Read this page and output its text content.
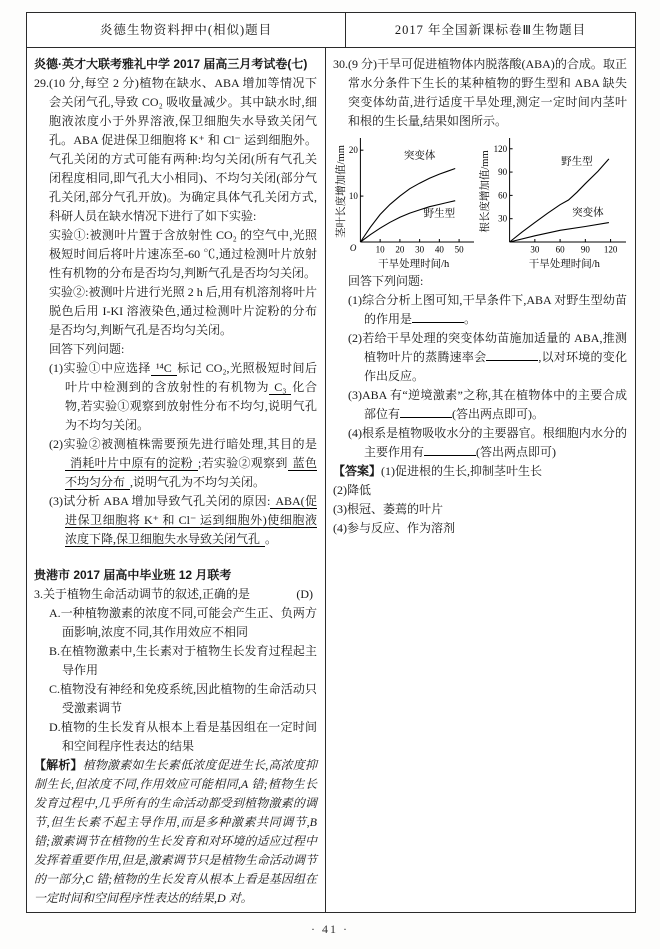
炎德生物资料押中(相似)题目	2017 年全国新课标卷Ⅲ生物题目

炎德·英才大联考雅礼中学 2017 届高三月考试卷(七)

29.(10 分,每空 2 分)植物在缺水、ABA 增加等情况下会关闭气孔,导致 CO₂ 吸收量减少。其中缺水时,细胞液浓度小于外界溶液,保卫细胞失水导致关闭气孔。ABA 促进保卫细胞将 K⁺ 和 Cl⁻ 运到细胞外。气孔关闭的方式可能有两种:均匀关闭(所有气孔关闭程度相同,即气孔大小相同)、不均匀关闭(部分气孔关闭,部分气孔开放)。为确定具体气孔关闭方式,科研人员在缺水情况下进行了如下实验:

实验①:被测叶片置于含放射性 CO₂ 的空气中,光照极短时间后将叶片速冻至-60 ℃,通过检测叶片放射性有机物的分布是否均匀,判断气孔是否均匀关闭。

实验②:被测叶片进行光照 2 h 后,用有机溶剂将叶片脱色后用 I-KI 溶液染色,通过检测叶片淀粉的分布是否均匀,判断气孔是否均匀关闭。

回答下列问题:

(1)实验①中应选择 ¹⁴C 标记 CO₂,光照极短时间后叶片中检测到的含放射性的有机物为 C₃ 化合物,若实验①观察到放射性分布不均匀,说明气孔为不均匀关闭。

(2)实验②被测植株需要预先进行暗处理,其目的是消耗叶片中原有的淀粉 ;若实验②观察到 蓝色不均匀分布 ,说明气孔为不均匀关闭。

(3)试分析 ABA 增加导致气孔关闭的原因: ABA(促进保卫细胞将 K⁺ 和 Cl⁻ 运到细胞外)使细胞液浓度下降,保卫细胞失水导致关闭气孔 。

贵港市 2017 届高中毕业班 12 月联考

3.关于植物生命活动调节的叙述,正确的是	(D)

A.一种植物激素的浓度不同,可能会产生正、负两方面影响,浓度不同,其作用效应不相同

B.在植物激素中,生长素对于植物生长发育过程起主导作用

C.植物没有神经和免疫系统,因此植物的生命活动只受激素调节

D.植物的生长发育从根本上看是基因组在一定时间和空间程序性表达的结果

【解析】植物激素如生长素低浓度促进生长,高浓度抑制生长,但浓度不同,作用效应可能相同,A 错;植物生长发育过程中,几乎所有的生命活动都受到植物激素的调节,但生长素不起主导作用,而是多种激素共同调节,B 错;激素调节在植物的生长发育和对环境的适应过程中发挥着重要作用,但是,激素调节只是植物生命活动调节的一部分,C 错;植物的生长发育从根本上看是基因组在一定时间和空间程序性表达的结果,D 对。

30.(9 分)干旱可促进植物体内脱落酸(ABA)的合成。取正常水分条件下生长的某种植物的野生型和 ABA 缺失突变体幼苗,进行适度干旱处理,测定一定时间内茎叶和根的生长量,结果如图所示。

10 20 30 40 50
10
20
O
突变体
野生型
干旱处理时间/h
茎叶长度增加值/mm
30 60 90 120
30
60
90
120
野生型
突变体
干旱处理时间/h
根长度增加值/mm

回答下列问题:

(1)综合分析上图可知,干旱条件下,ABA 对野生型幼苗的作用是	。

(2)若给干旱处理的突变体幼苗施加适量的 ABA,推测植物叶片的蒸腾速率会	,以对环境的变化作出反应。

(3)ABA 有“逆境激素”之称,其在植物体中的主要合成部位有	(答出两点即可)。

(4)根系是植物吸收水分的主要器官。根细胞内水分的主要作用有	(答出两点即可)

【答案】(1)促进根的生长,抑制茎叶生长

(2)降低

(3)根冠、萎蔫的叶片

(4)参与反应、作为溶剂

· 41 ·
